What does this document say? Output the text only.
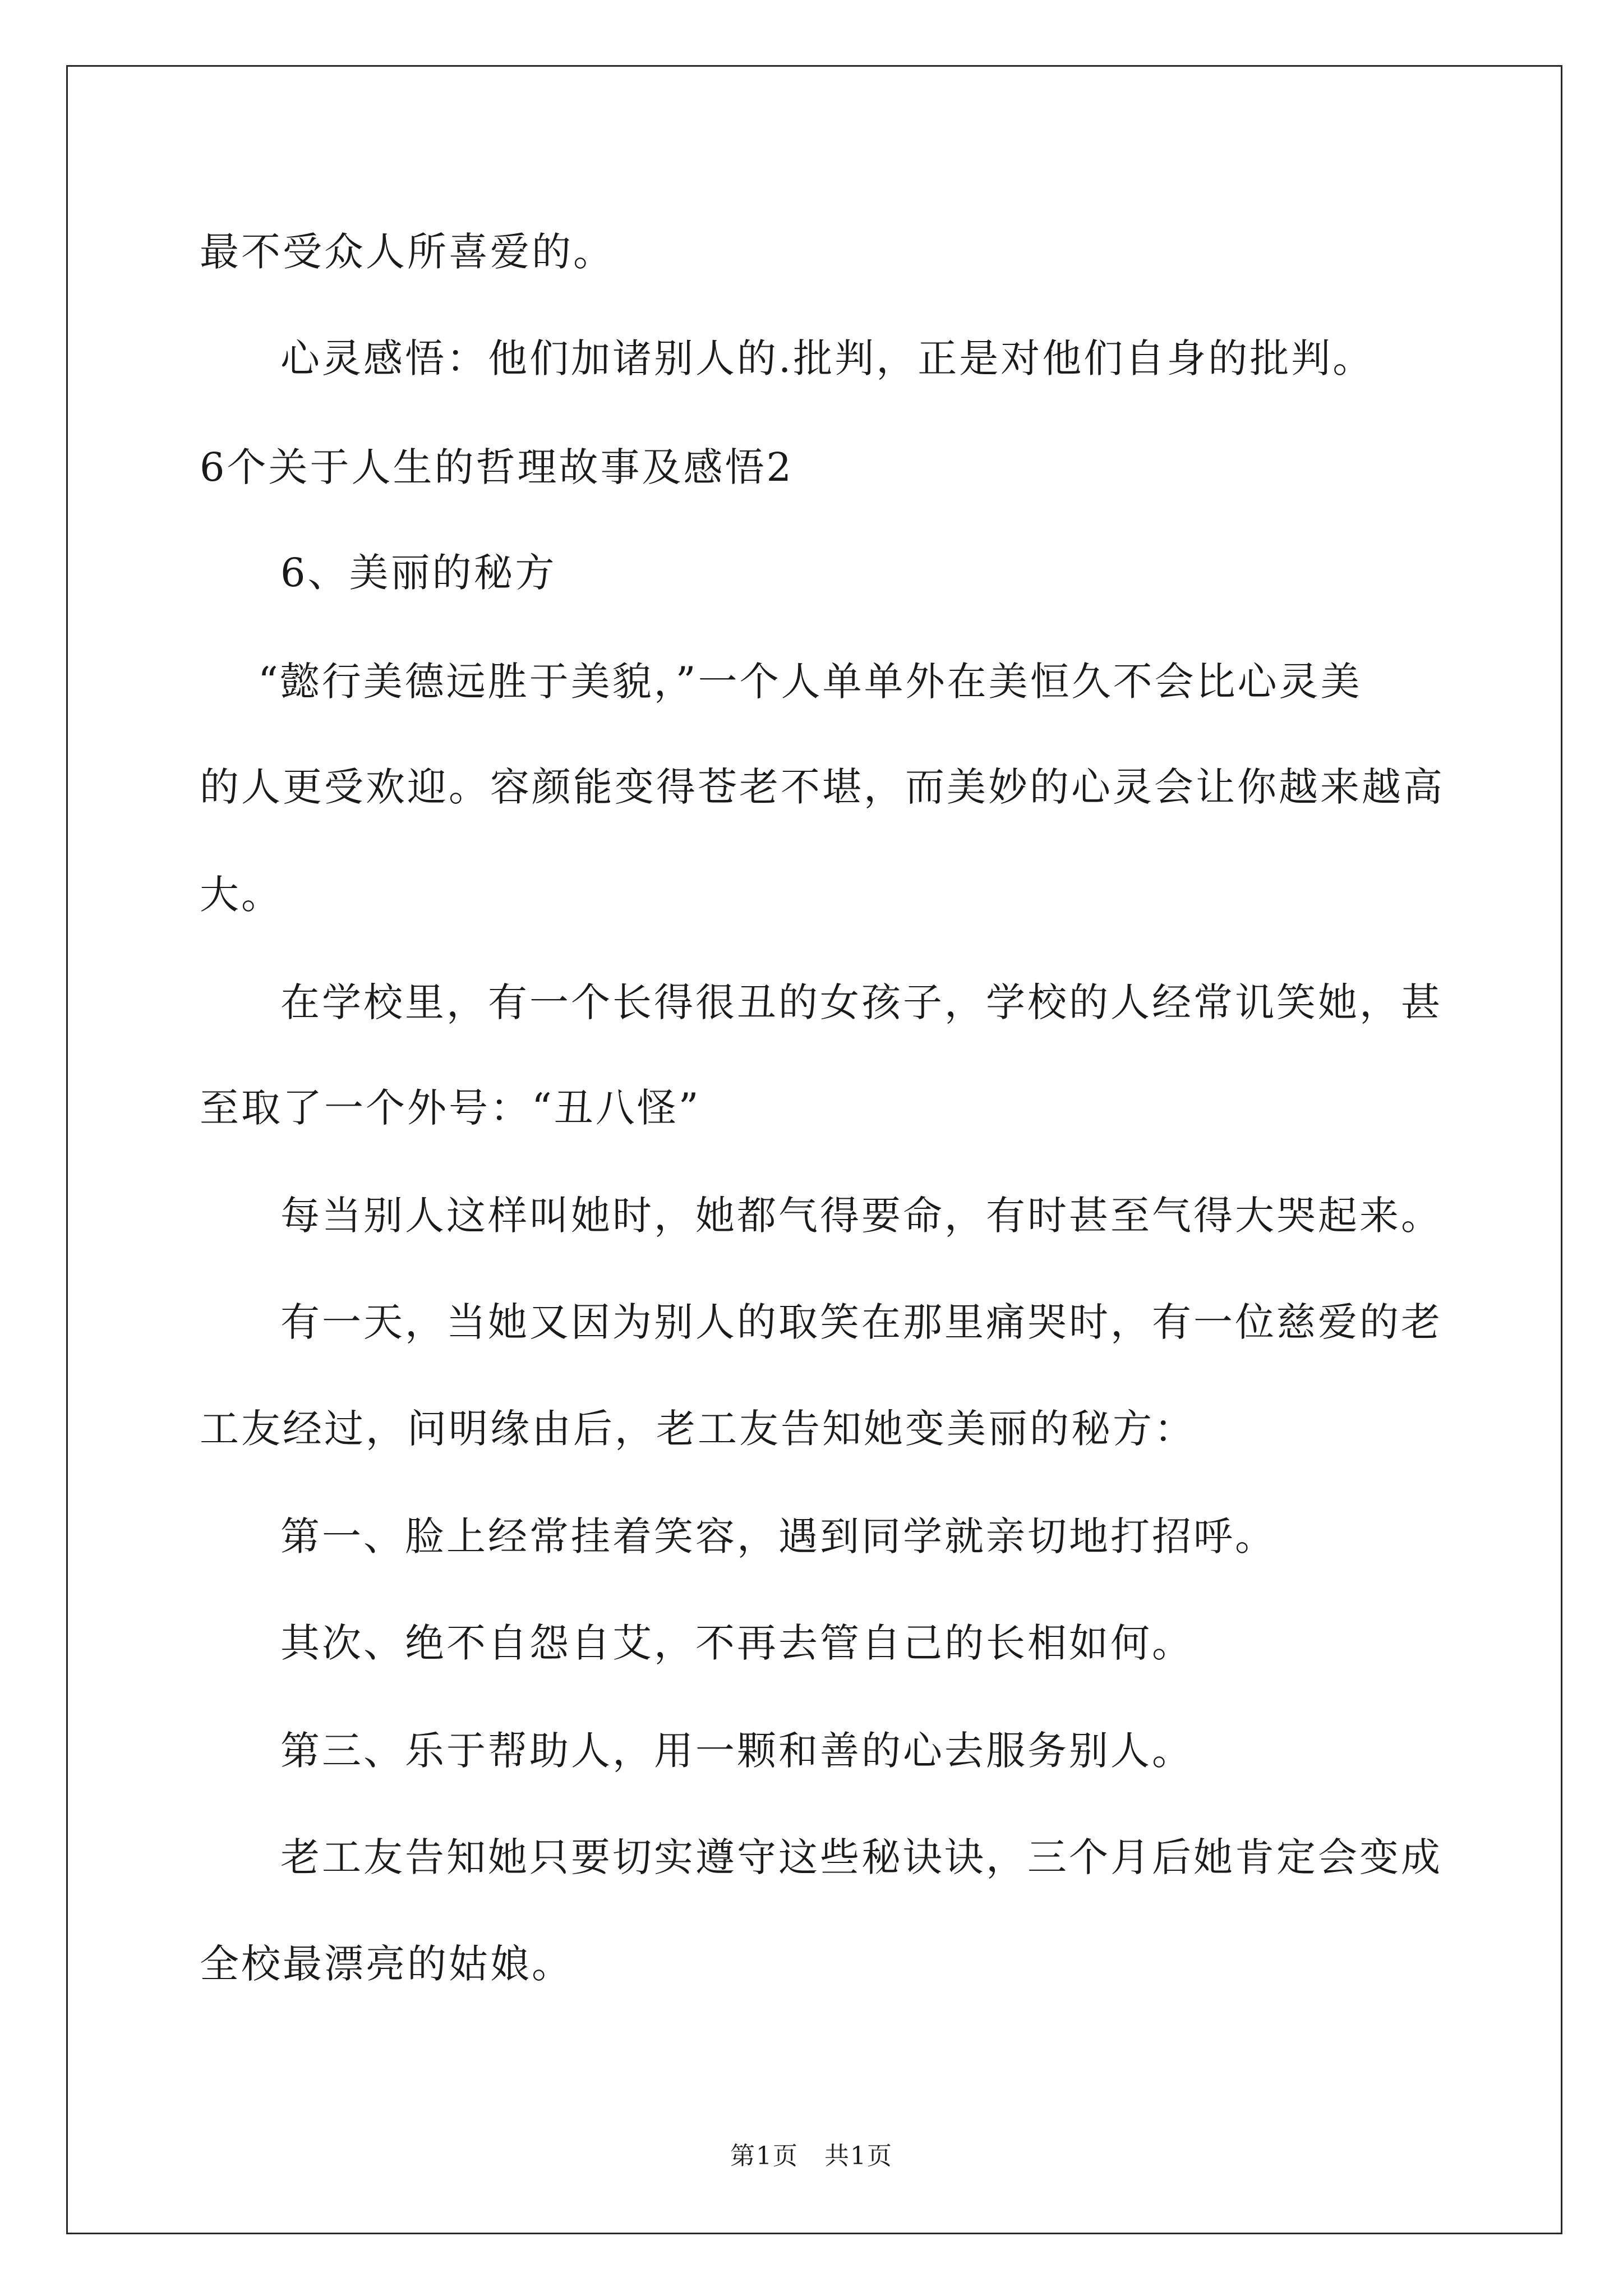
最不受众人所喜爱的。
心灵感悟：他们加诸别人的.批判，正是对他们自身的批判。
6个关于人生的哲理故事及感悟2
6、美丽的秘方
“懿行美德远胜于美貌，”一个人单单外在美恒久不会比心灵美
的人更受欢迎。容颜能变得苍老不堪，而美妙的心灵会让你越来越高
大。
在学校里，有一个长得很丑的女孩子，学校的人经常讥笑她，甚
至取了一个外号：“丑八怪”
每当别人这样叫她时，她都气得要命，有时甚至气得大哭起来。
有一天，当她又因为别人的取笑在那里痛哭时，有一位慈爱的老
工友经过，问明缘由后，老工友告知她变美丽的秘方：
第一、脸上经常挂着笑容，遇到同学就亲切地打招呼。
其次、绝不自怨自艾，不再去管自己的长相如何。
第三、乐于帮助人，用一颗和善的心去服务别人。
老工友告知她只要切实遵守这些秘诀诀，三个月后她肯定会变成
全校最漂亮的姑娘。
第1页　共1页
